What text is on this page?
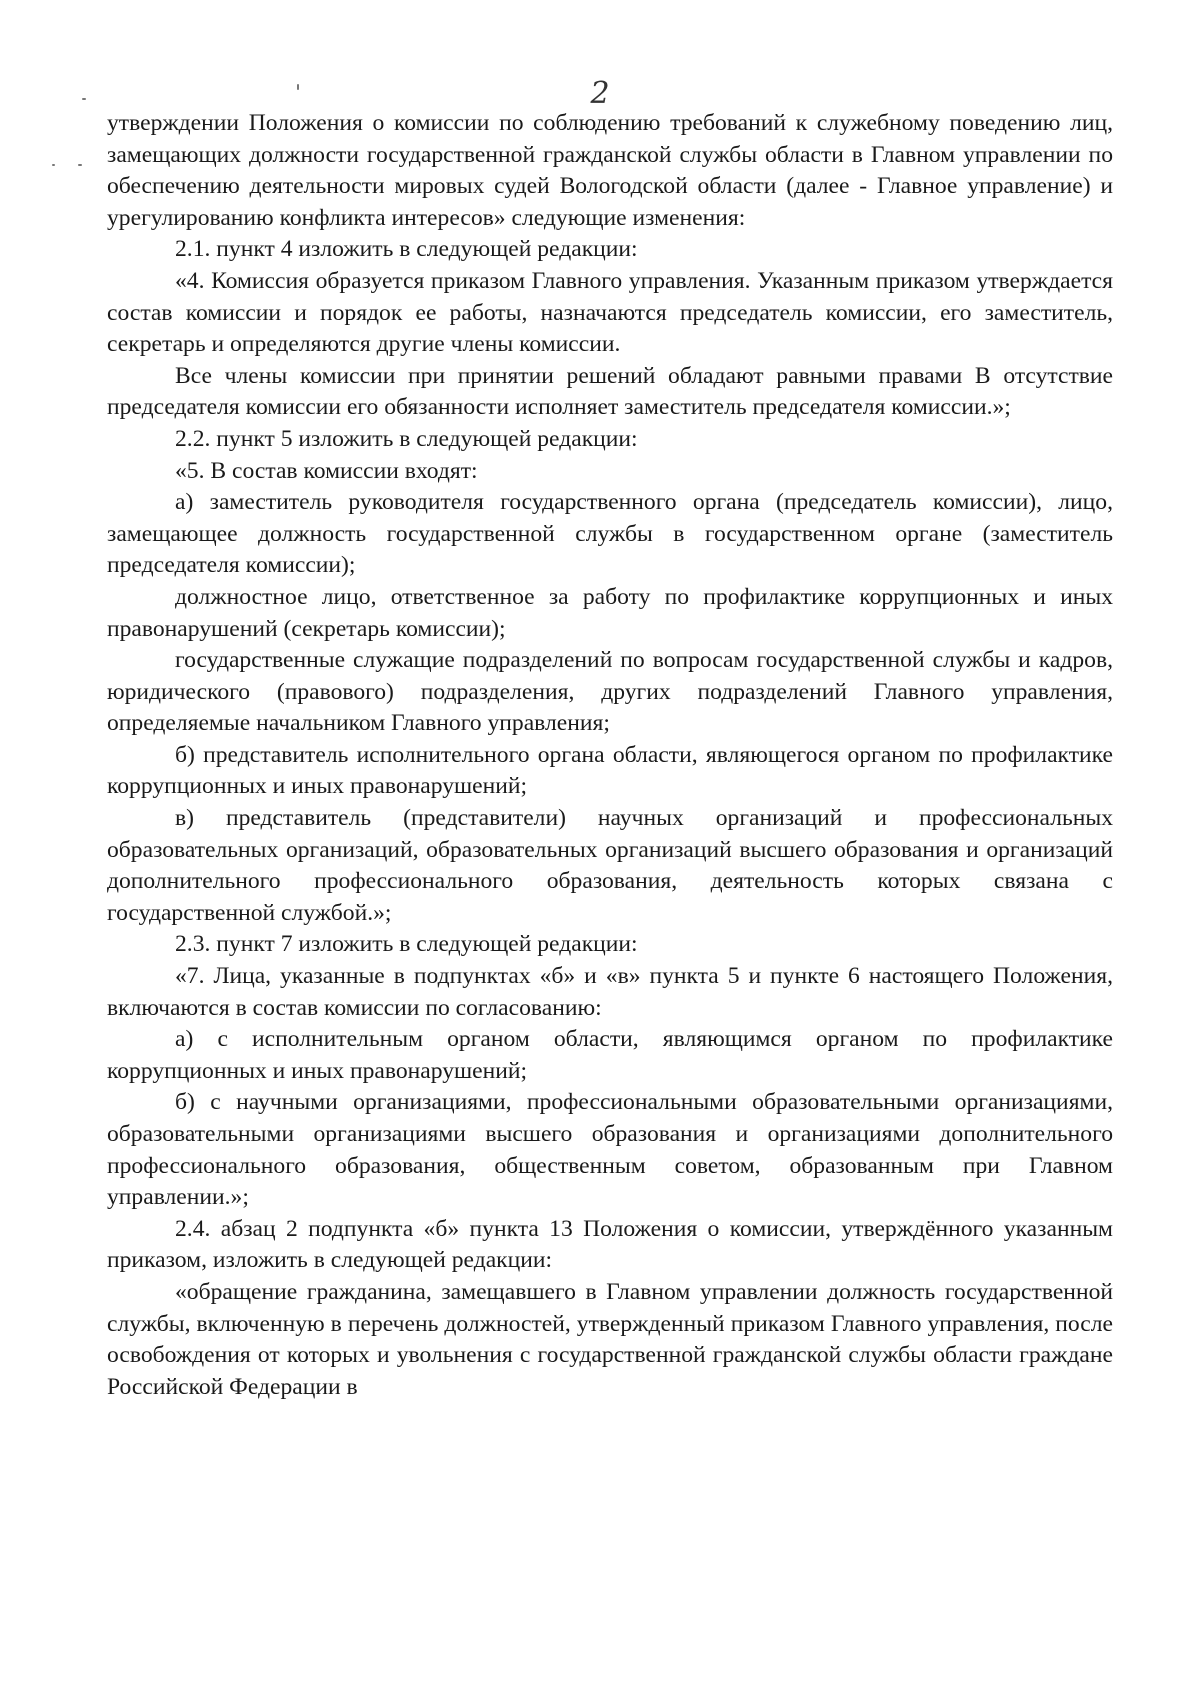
2

утверждении Положения о комиссии по соблюдению требований к служебному поведению лиц, замещающих должности государственной гражданской службы области в Главном управлении по обеспечению деятельности мировых судей Вологодской области (далее - Главное управление) и урегулированию конфликта интересов» следующие изменения:

2.1. пункт 4 изложить в следующей редакции:

«4. Комиссия образуется приказом Главного управления. Указанным приказом утверждается состав комиссии и порядок ее работы, назначаются председатель комиссии, его заместитель, секретарь и определяются другие члены комиссии.

Все члены комиссии при принятии решений обладают равными правами В отсутствие председателя комиссии его обязанности исполняет заместитель председателя комиссии.»;

2.2. пункт 5 изложить в следующей редакции:

«5. В состав комиссии входят:

а) заместитель руководителя государственного органа (председатель комиссии), лицо, замещающее должность государственной службы в государственном органе (заместитель председателя комиссии);

должностное лицо, ответственное за работу по профилактике коррупционных и иных правонарушений (секретарь комиссии);

государственные служащие подразделений по вопросам государственной службы и кадров, юридического (правового) подразделения, других подразделений Главного управления, определяемые начальником Главного управления;

б) представитель исполнительного органа области, являющегося органом по профилактике коррупционных и иных правонарушений;

в) представитель (представители) научных организаций и профессиональных образовательных организаций, образовательных организаций высшего образования и организаций дополнительного профессионального образования, деятельность которых связана с государственной службой.»;

2.3. пункт 7 изложить в следующей редакции:

«7. Лица, указанные в подпунктах «б» и «в» пункта 5 и пункте 6 настоящего Положения, включаются в состав комиссии по согласованию:

а) с исполнительным органом области, являющимся органом по профилактике коррупционных и иных правонарушений;

б) с научными организациями, профессиональными образовательными организациями, образовательными организациями высшего образования и организациями дополнительного профессионального образования, общественным советом, образованным при Главном управлении.»;

2.4. абзац 2 подпункта «б» пункта 13 Положения о комиссии, утверждённого указанным приказом, изложить в следующей редакции:

«обращение гражданина, замещавшего в Главном управлении должность государственной службы, включенную в перечень должностей, утвержденный приказом Главного управления, после освобождения от которых и увольнения с государственной гражданской службы области граждане Российской Федерации в
